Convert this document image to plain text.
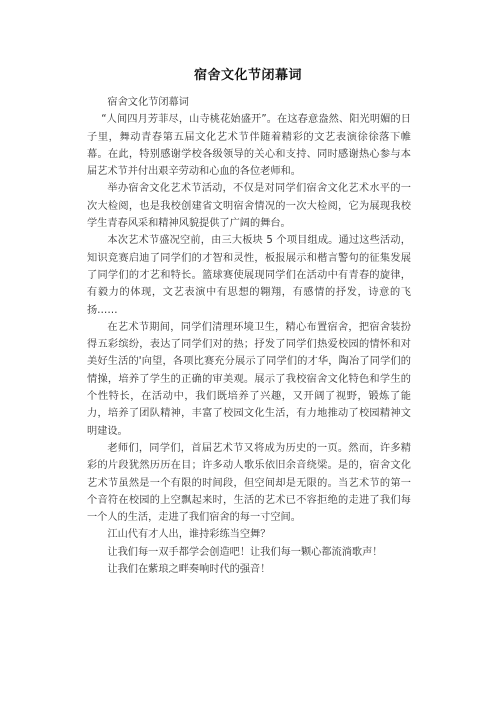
宿舍文化节闭幕词

宿舍文化节闭幕词

“人间四月芳菲尽，山寺桃花始盛开”。在这春意盎然、阳光明媚的日子里，舞动青春第五届文化艺术节伴随着精彩的文艺表演徐徐落下帷幕。在此，特别感谢学校各级领导的关心和支持、同时感谢热心参与本届艺术节并付出艰辛劳动和心血的各位老师和。

举办宿舍文化艺术节活动，不仅是对同学们宿舍文化艺术水平的一次大检阅，也是我校创建省文明宿舍情况的一次大检阅，它为展现我校学生青春风采和精神风貌提供了广阔的舞台。

本次艺术节盛况空前，由三大板块 5 个项目组成。通过这些活动，知识竞赛启迪了同学们的才智和灵性，板报展示和楷言警句的征集发展了同学们的才艺和特长。篮球赛使展现同学们在活动中有青春的旋律，有毅力的体现，文艺表演中有思想的翱翔，有感情的抒发，诗意的飞扬……

在艺术节期间，同学们清理环境卫生，精心布置宿舍，把宿舍装扮得五彩缤纷，表达了同学们对的热；抒发了同学们热爱校园的情怀和对美好生活的'向望，各项比赛充分展示了同学们的才华，陶冶了同学们的情操，培养了学生的正确的审美观。展示了我校宿舍文化特色和学生的个性特长，在活动中，我们既培养了兴趣，又开阔了视野，锻炼了能力，培养了团队精神，丰富了校园文化生活，有力地推动了校园精神文明建设。

老师们，同学们，首届艺术节又将成为历史的一页。然而，许多精彩的片段犹然历历在目；许多动人歌乐依旧余音绕梁。是的，宿舍文化艺术节虽然是一个有限的时间段，但空间却是无限的。当艺术节的第一个音符在校园的上空飘起来时，生活的艺术已不容拒绝的走进了我们每一个人的生活，走进了我们宿舍的每一寸空间。

江山代有才人出，谁持彩练当空舞？

让我们每一双手都学会创造吧！让我们每一颗心都流淌歌声！

让我们在紫琅之畔奏响时代的强音！
